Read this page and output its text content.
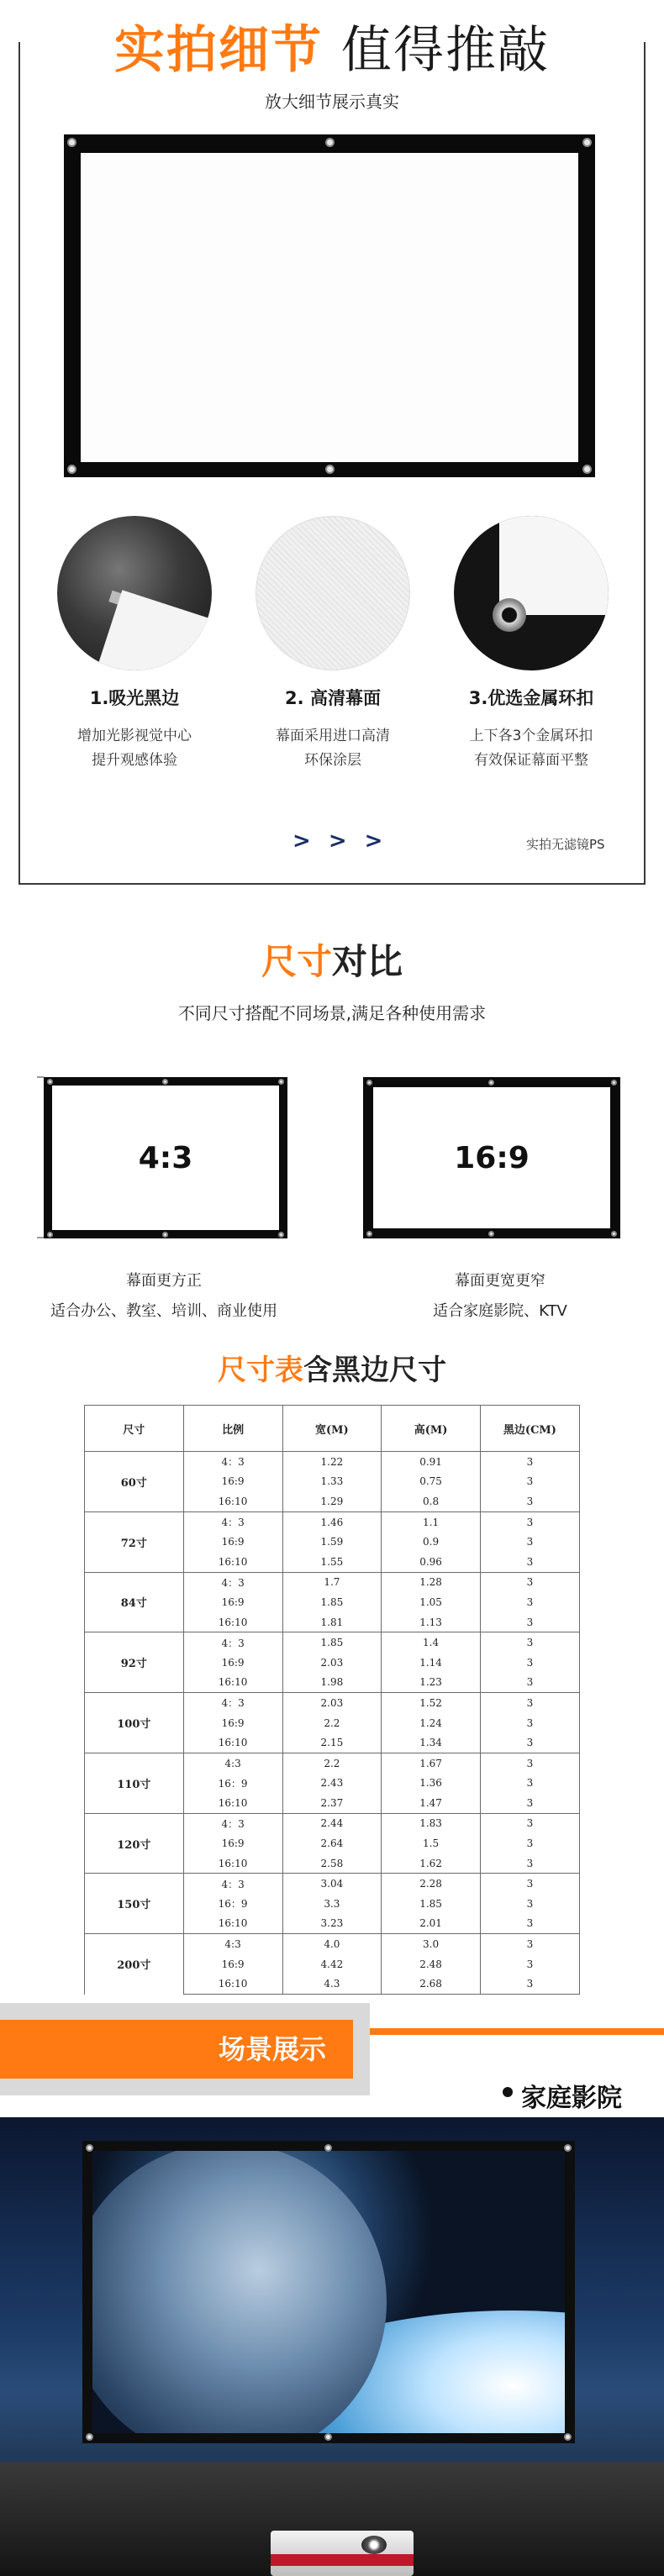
实拍细节 值得推敲
放大细节展示真实
1.吸光黑边
增加光影视觉中心
提升观感体验
2. 高清幕面
幕面采用进口高清
环保涂层
3.优选金属环扣
上下各3个金属环扣
有效保证幕面平整
> > >	实拍无滤镜PS
尺寸对比
不同尺寸搭配不同场景,满足各种使用需求
4:3	16:9
幕面更方正
适合办公、教室、培训、商业使用
幕面更宽更窄
适合家庭影院、KTV
尺寸表含黑边尺寸
尺寸	比例	宽(M)	高(M)	黑边(CM)
60寸	4：3	1.22	0.91	3
	16:9	1.33	0.75	3
	16:10	1.29	0.8	3
72寸	4：3	1.46	1.1	3
	16:9	1.59	0.9	3
	16:10	1.55	0.96	3
84寸	4：3	1.7	1.28	3
	16:9	1.85	1.05	3
	16:10	1.81	1.13	3
92寸	4：3	1.85	1.4	3
	16:9	2.03	1.14	3
	16:10	1.98	1.23	3
100寸	4：3	2.03	1.52	3
	16:9	2.2	1.24	3
	16:10	2.15	1.34	3
110寸	4:3	2.2	1.67	3
	16：9	2.43	1.36	3
	16:10	2.37	1.47	3
120寸	4：3	2.44	1.83	3
	16:9	2.64	1.5	3
	16:10	2.58	1.62	3
150寸	4：3	3.04	2.28	3
	16：9	3.3	1.85	3
	16:10	3.23	2.01	3
200寸	4:3	4.0	3.0	3
	16:9	4.42	2.48	3
	16:10	4.3	2.68	3
场景展示
家庭影院
